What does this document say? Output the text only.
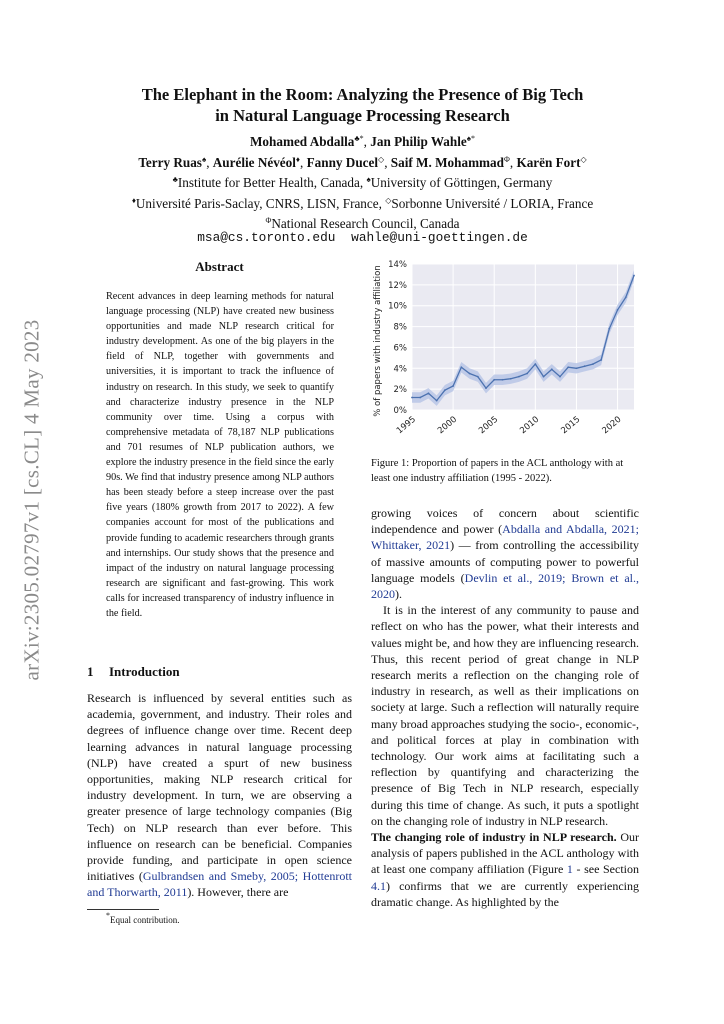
arXiv:2305.02797v1 [cs.CL] 4 May 2023
The Elephant in the Room: Analyzing the Presence of Big Tech
in Natural Language Processing Research
Mohamed Abdalla♣*, Jan Philip Wahle♠*
Terry Ruas♠, Aurélie Névéol♦, Fanny Ducel◇, Saif M. Mohammad$^\Phi$, Karën Fort◇
♣Institute for Better Health, Canada, ♠University of Göttingen, Germany
♦Université Paris-Saclay, CNRS, LISN, France, ◇Sorbonne Université / LORIA, France
$^\Phi$National Research Council, Canada
msa@cs.toronto.edu wahle@uni-goettingen.de
Abstract
Recent advances in deep learning methods for natural language processing (NLP) have created new business opportunities and made NLP research critical for industry development. As one of the big players in the field of NLP, together with governments and universities, it is important to track the influence of industry on research. In this study, we seek to quantify and characterize industry presence in the NLP community over time. Using a corpus with comprehensive metadata of 78,187 NLP publications and 701 resumes of NLP publication authors, we explore the industry presence in the field since the early 90s. We find that industry presence among NLP authors has been steady before a steep increase over the past five years (180% growth from 2017 to 2022). A few companies account for most of the publications and provide funding to academic researchers through grants and internships. Our study shows that the presence and impact of the industry on natural language processing research are significant and fast-growing. This work calls for increased transparency of industry influence in the field.
1 Introduction
Research is influenced by several entities such as academia, government, and industry. Their roles and degrees of influence change over time. Recent deep learning advances in natural language processing (NLP) have created a spurt of new business opportunities, making NLP research critical for industry development. In turn, we are observing a greater presence of large technology companies (Big Tech) on NLP research than ever before. This influence on research can be beneficial. Companies provide funding, and participate in open science initiatives (Gulbrandsen and Smeby, 2005; Hottenrott and Thorwarth, 2011). However, there are
*Equal contribution.
0%
2%
4%
6%
8%
10%
12%
14%
1995 2000 2005 2010 2015 2020
% of papers with industry affiliation
Figure 1: Proportion of papers in the ACL anthology with at least one industry affiliation (1995 - 2022).

growing voices of concern about scientific independence and power (Abdalla and Abdalla, 2021; Whittaker, 2021) — from controlling the accessibility of massive amounts of computing power to powerful language models (Devlin et al., 2019; Brown et al., 2020).

It is in the interest of any community to pause and reflect on who has the power, what their interests and values might be, and how they are influencing research. Thus, this recent period of great change in NLP research merits a reflection on the changing role of industry in research, as well as their implications on society at large. Such a reflection will naturally require many broad approaches studying the socio-, economic-, and political forces at play in combination with technology. Our work aims at facilitating such a reflection by quantifying and characterizing the presence of Big Tech in NLP research, especially during this time of change. As such, it puts a spotlight on the changing role of industry in NLP research.

The changing role of industry in NLP research. Our analysis of papers published in the ACL anthology with at least one company affiliation (Figure 1 - see Section 4.1) confirms that we are currently experiencing dramatic change. As highlighted by the
